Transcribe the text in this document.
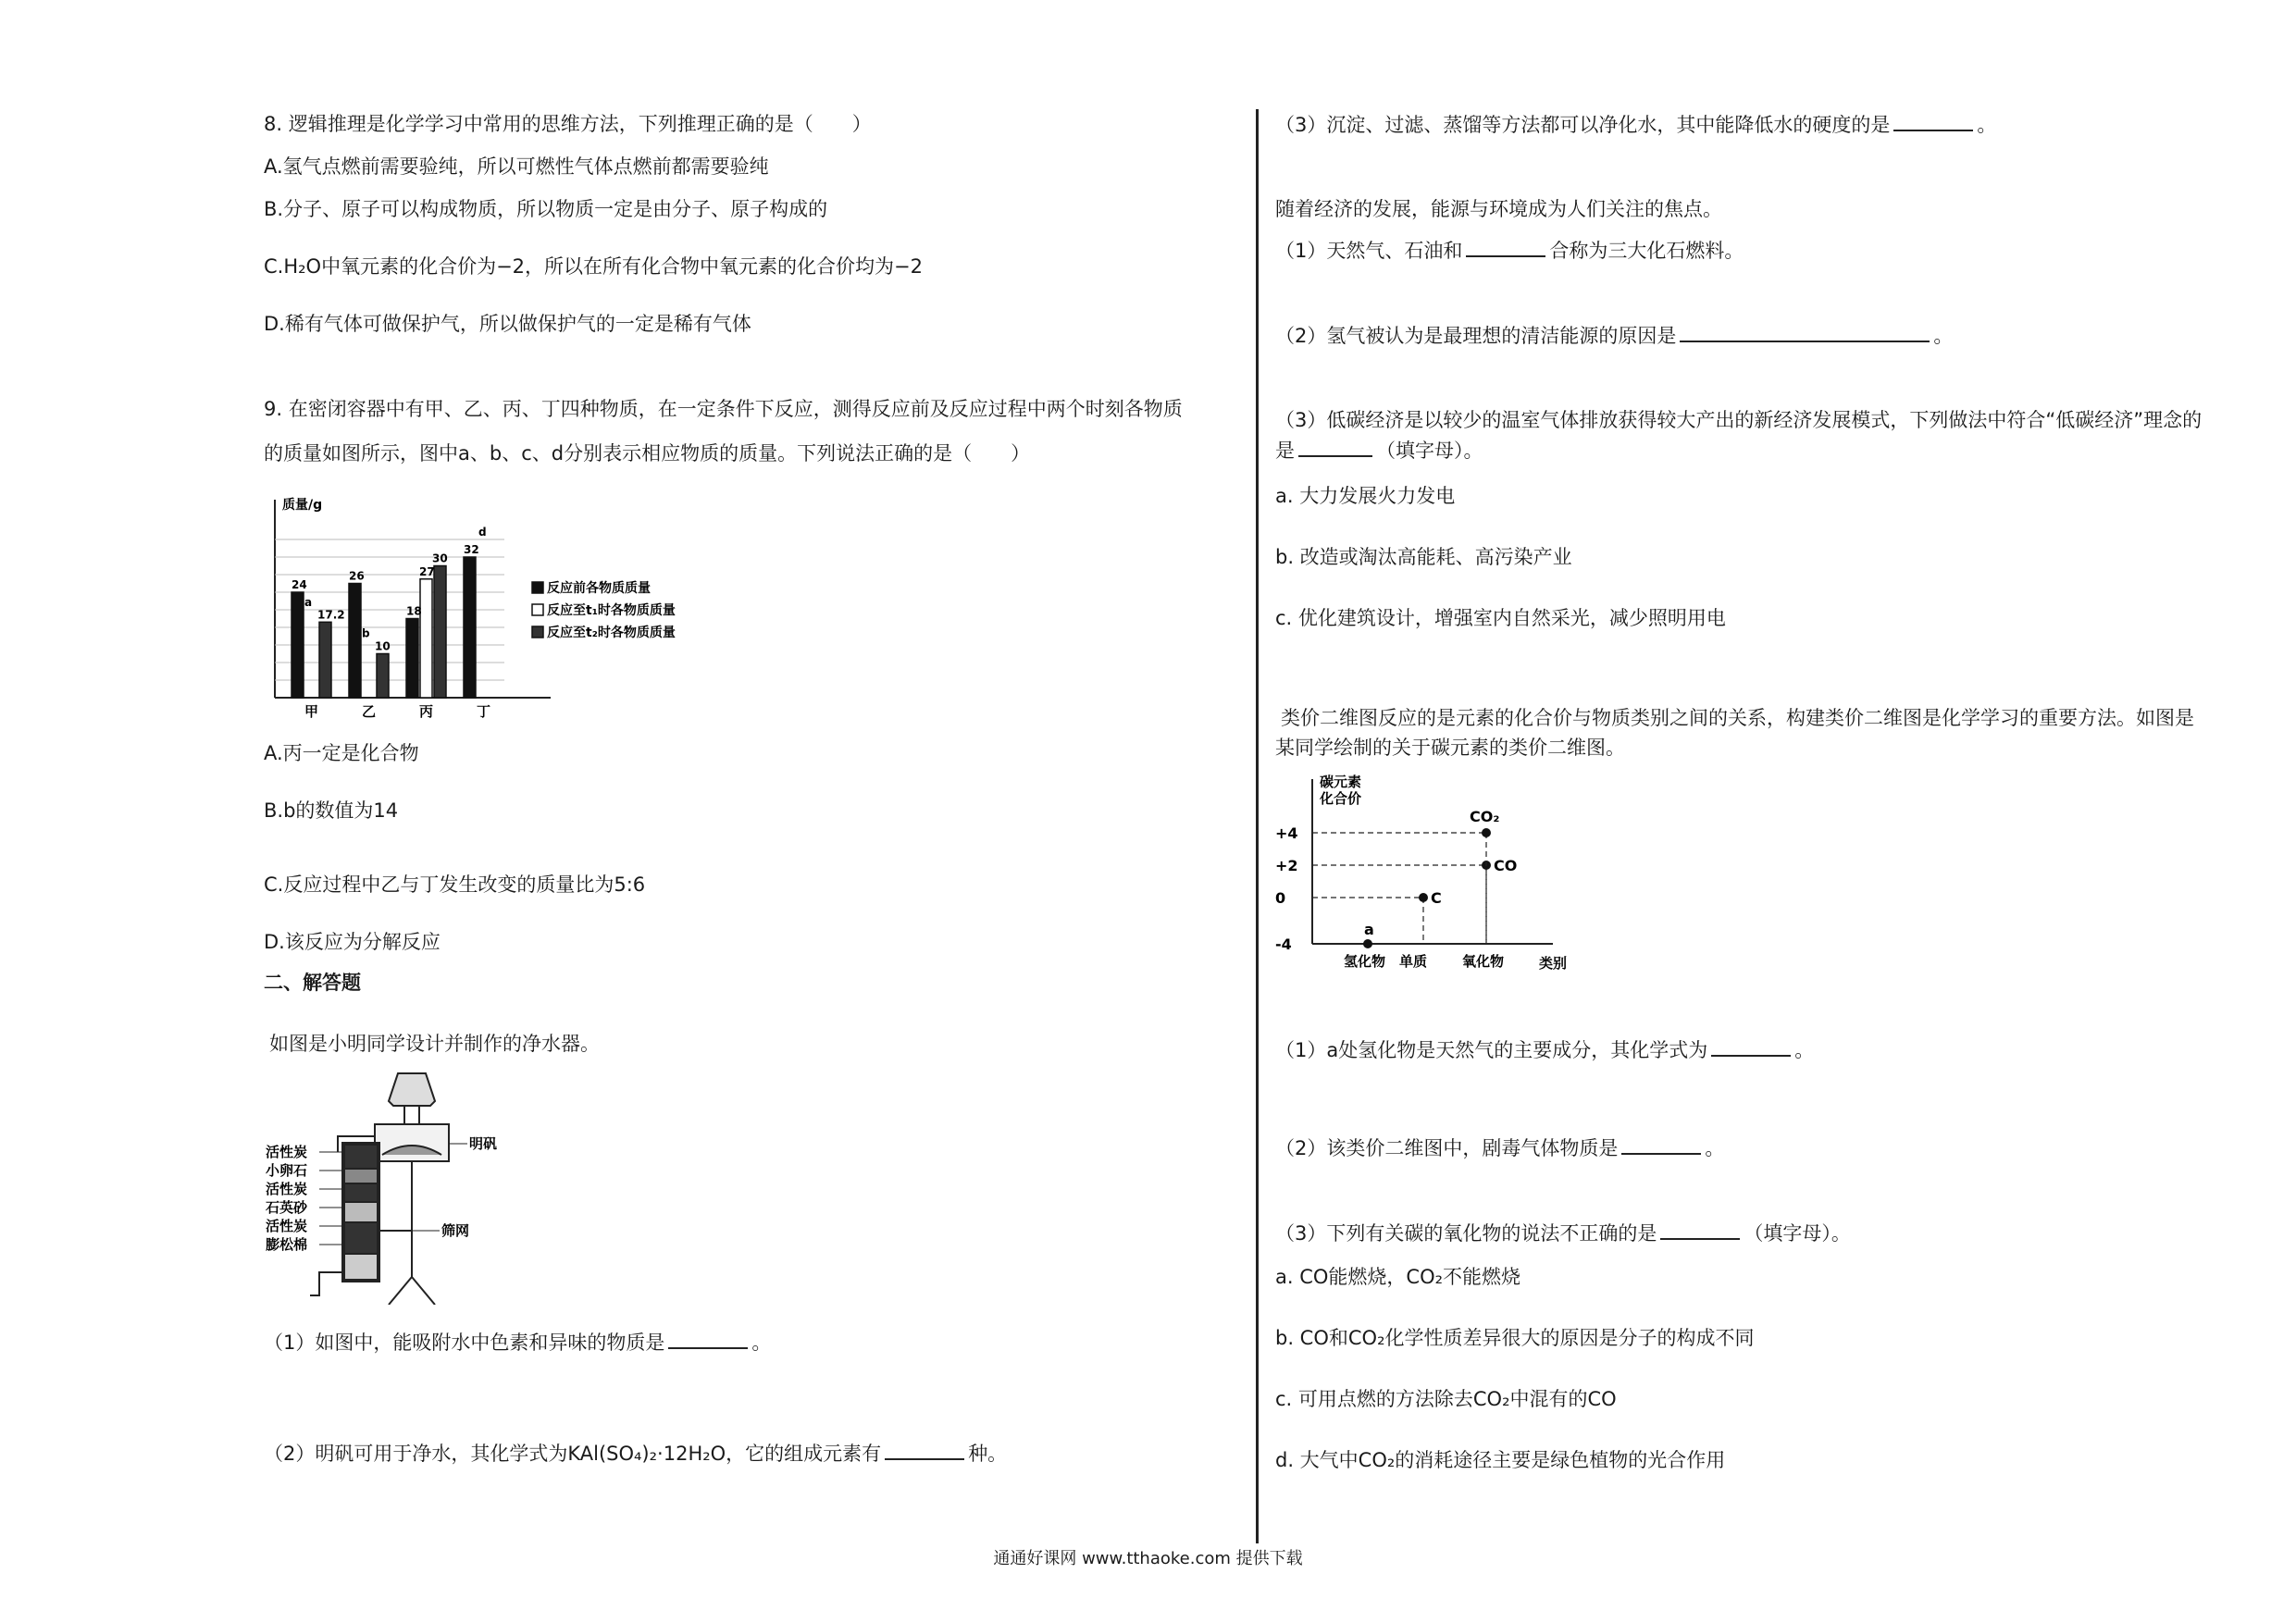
8. 逻辑推理是化学学习中常用的思维方法，下列推理正确的是（　　）
A.氢气点燃前需要验纯，所以可燃性气体点燃前都需要验纯
B.分子、原子可以构成物质，所以物质一定是由分子、原子构成的
C.H₂O中氧元素的化合价为−2，所以在所有化合物中氧元素的化合价均为−2
D.稀有气体可做保护气，所以做保护气的一定是稀有气体
9. 在密闭容器中有甲、乙、丙、丁四种物质，在一定条件下反应，测得反应前及反应过程中两个时刻各物质
的质量如图所示，图中a、b、c、d分别表示相应物质的质量。下列说法正确的是（　　）
质量/g
甲	乙	丙	丁
24
a
17.2
26
b
10
18
27
30
32
d
反应前各物质质量
反应至t₁时各物质质量
反应至t₂时各物质质量
A.丙一定是化合物
B.b的数值为14
C.反应过程中乙与丁发生改变的质量比为5:6
D.该反应为分解反应
二、解答题
如图是小明同学设计并制作的净水器。
活性炭
小卵石
活性炭
石英砂
活性炭
膨松棉
明矾
筛网
（1）如图中，能吸附水中色素和异味的物质是	。
（2）明矾可用于净水，其化学式为KAl(SO₄)₂·12H₂O，它的组成元素有	种。
（3）沉淀、过滤、蒸馏等方法都可以净化水，其中能降低水的硬度的是	。
随着经济的发展，能源与环境成为人们关注的焦点。
（1）天然气、石油和	合称为三大化石燃料。
（2）氢气被认为是最理想的清洁能源的原因是	。
（3）低碳经济是以较少的温室气体排放获得较大产出的新经济发展模式，下列做法中符合“低碳经济”理念的
是	（填字母）。
a. 大力发展火力发电
b. 改造或淘汰高能耗、高污染产业
c. 优化建筑设计，增强室内自然采光，减少照明用电
类价二维图反应的是元素的化合价与物质类别之间的关系，构建类价二维图是化学学习的重要方法。如图是
某同学绘制的关于碳元素的类价二维图。
碳元素
化合价
+4
+2
0
-4
氢化物 单质	氧化物	类别
a
C
CO
CO₂
（1）a处氢化物是天然气的主要成分，其化学式为	。
（2）该类价二维图中，剧毒气体物质是	。
（3）下列有关碳的氧化物的说法不正确的是	（填字母）。
a. CO能燃烧，CO₂不能燃烧
b. CO和CO₂化学性质差异很大的原因是分子的构成不同
c. 可用点燃的方法除去CO₂中混有的CO
d. 大气中CO₂的消耗途径主要是绿色植物的光合作用
通通好课网 www.tthaoke.com 提供下载
